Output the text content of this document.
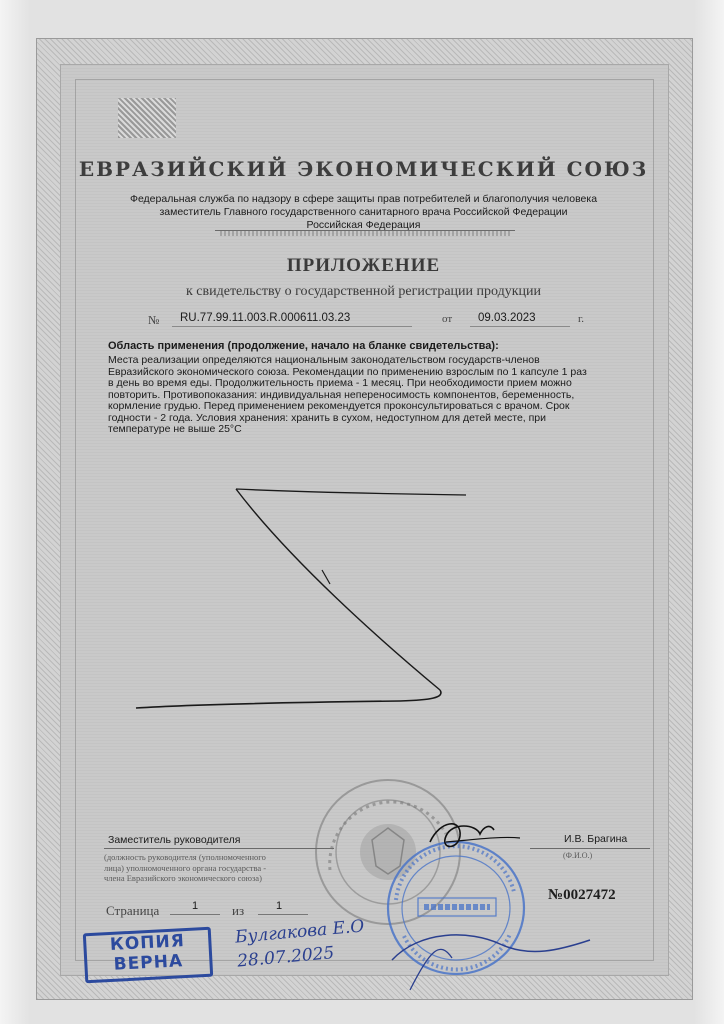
ЕВРАЗИЙСКИЙ ЭКОНОМИЧЕСКИЙ СОЮЗ
Федеральная служба по надзору в сфере защиты прав потребителей и благополучия человека
заместитель Главного государственного санитарного врача Российской Федерации
Российская Федерация
ПРИЛОЖЕНИЕ
к свидетельству о государственной регистрации продукции
№ RU.77.99.11.003.R.000611.03.23	от 09.03.2023	г.
Область применения (продолжение, начало на бланке свидетельства):
Места реализации определяются национальным законодательством государств-членов
Евразийского экономического союза. Рекомендации по применению взрослым по 1 капсуле 1 раз
в день во время еды. Продолжительность приема - 1 месяц. При необходимости прием можно
повторить. Противопоказания: индивидуальная непереносимость компонентов, беременность,
кормление грудью. Перед применением рекомендуется проконсультироваться с врачом. Срок
годности - 2 года. Условия хранения: хранить в сухом, недоступном для детей месте, при
температуре не выше 25°С
Заместитель руководителя	И.В. Брагина
(должность руководителя (уполномоченного
лица) уполномоченного органа государства -
члена Евразийского экономического союза)
(Ф.И.О.)
№0027472
Страница	1	из	1
КОПИЯ
ВЕРНА
Булгакова Е.О
28.07.2025
